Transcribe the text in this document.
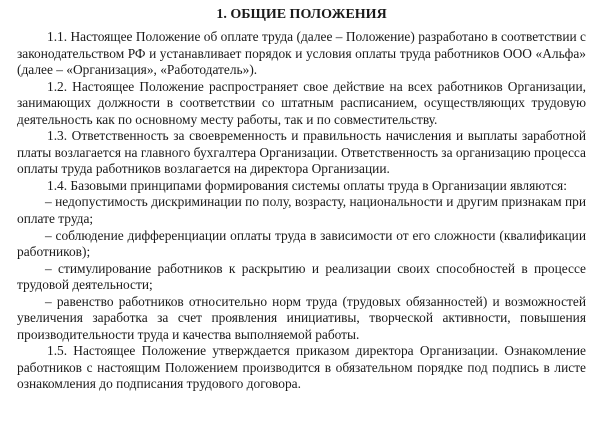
1. ОБЩИЕ ПОЛОЖЕНИЯ

1.1. Настоящее Положение об оплате труда (далее – Положение) разработано в соответствии с законодательством РФ и устанавливает порядок и условия оплаты труда работников ООО «Альфа» (далее – «Организация», «Работодатель»).

1.2. Настоящее Положение распространяет свое действие на всех работников Организации, занимающих должности в соответствии со штатным расписанием, осуществляющих трудовую деятельность как по основному месту работы, так и по совместительству.

1.3. Ответственность за своевременность и правильность начисления и выплаты заработной платы возлагается на главного бухгалтера Организации. Ответственность за организацию процесса оплаты труда работников возлагается на директора Организации.

1.4. Базовыми принципами формирования системы оплаты труда в Организации являются:

– недопустимость дискриминации по полу, возрасту, национальности и другим признакам при оплате труда;

– соблюдение дифференциации оплаты труда в зависимости от его сложности (квалификации работников);

– стимулирование работников к раскрытию и реализации своих способностей в процессе трудовой деятельности;

– равенство работников относительно норм труда (трудовых обязанностей) и возможностей увеличения заработка за счет проявления инициативы, творческой активности, повышения производительности труда и качества выполняемой работы.

1.5. Настоящее Положение утверждается приказом директора Организации. Ознакомление работников с настоящим Положением производится в обязательном порядке под подпись в листе ознакомления до подписания трудового договора.
